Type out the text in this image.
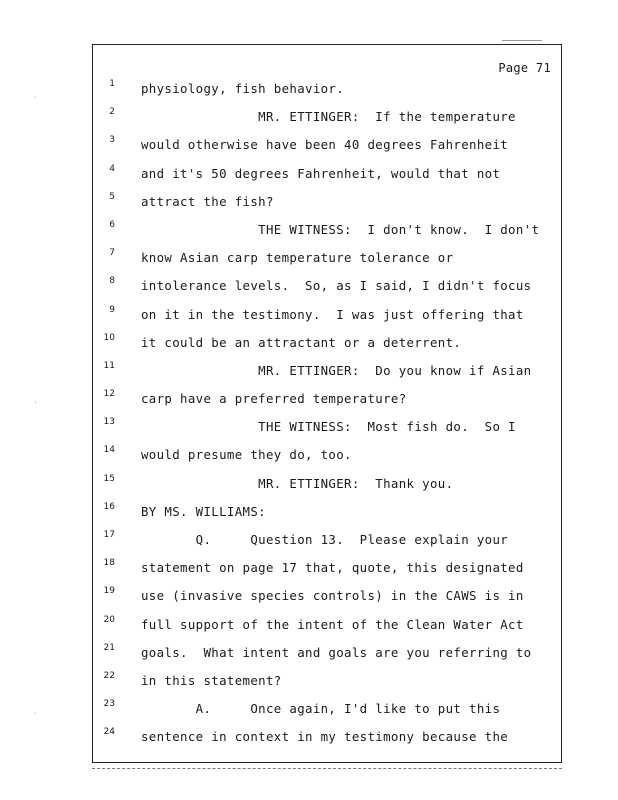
Page 71
1 physiology, fish behavior.
2 MR. ETTINGER:  If the temperature
3 would otherwise have been 40 degrees Fahrenheit
4 and it's 50 degrees Fahrenheit, would that not
5 attract the fish?
6 THE WITNESS:  I don't know.  I don't
7 know Asian carp temperature tolerance or
8 intolerance levels.  So, as I said, I didn't focus
9 on it in the testimony.  I was just offering that
10 it could be an attractant or a deterrent.
11 MR. ETTINGER:  Do you know if Asian
12 carp have a preferred temperature?
13 THE WITNESS:  Most fish do.  So I
14 would presume they do, too.
15 MR. ETTINGER:  Thank you.
16 BY MS. WILLIAMS:
17 Q.     Question 13.  Please explain your
18 statement on page 17 that, quote, this designated
19 use (invasive species controls) in the CAWS is in
20 full support of the intent of the Clean Water Act
21 goals.  What intent and goals are you referring to
22 in this statement?
23 A.     Once again, I'd like to put this
24 sentence in context in my testimony because the
′
·
′
